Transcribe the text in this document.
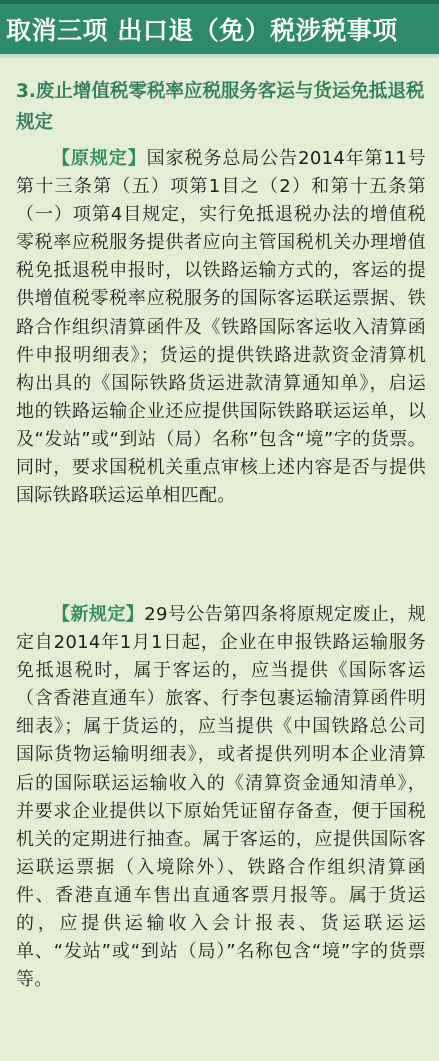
取消三项 出口退（免）税涉税事项
3.废止增值税零税率应税服务客运与货运免抵退税规定

【原规定】国家税务总局公告2014年第11号第十三条第（五）项第1目之（2）和第十五条第（一）项第4目规定，实行免抵退税办法的增值税零税率应税服务提供者应向主管国税机关办理增值税免抵退税申报时，以铁路运输方式的，客运的提供增值税零税率应税服务的国际客运联运票据、铁路合作组织清算函件及《铁路国际客运收入清算函件申报明细表》；货运的提供铁路进款资金清算机构出具的《国际铁路货运进款清算通知单》，启运地的铁路运输企业还应提供国际铁路联运运单，以及“发站”或“到站（局）名称”包含“境”字的货票。同时，要求国税机关重点审核上述内容是否与提供国际铁路联运运单相匹配。

【新规定】29号公告第四条将原规定废止，规定自2014年1月1日起，企业在申报铁路运输服务免抵退税时，属于客运的，应当提供《国际客运（含香港直通车）旅客、行李包裹运输清算函件明细表》；属于货运的，应当提供《中国铁路总公司国际货物运输明细表》，或者提供列明本企业清算后的国际联运运输收入的《清算资金通知清单》，并要求企业提供以下原始凭证留存备查，便于国税机关的定期进行抽查。属于客运的，应提供国际客运联运票据（入境除外）、铁路合作组织清算函件、香港直通车售出直通客票月报等。属于货运的，应提供运输收入会计报表、货运联运运单、“发站”或“到站（局）”名称包含“境”字的货票等。
